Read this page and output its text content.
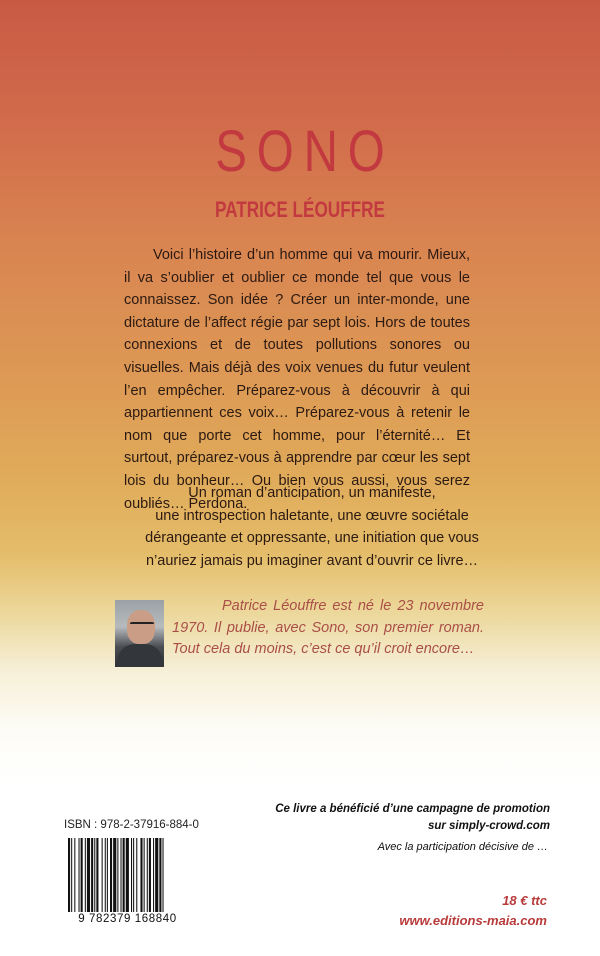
SONO
PATRICE LÉOUFFRE

Voici l’histoire d’un homme qui va mourir. Mieux, il va s’oublier et oublier ce monde tel que vous le connaissez. Son idée ? Créer un inter-monde, une dictature de l’affect régie par sept lois. Hors de toutes connexions et de toutes pollutions sonores ou visuelles. Mais déjà des voix venues du futur veulent l’en empêcher. Préparez-vous à découvrir à qui appartiennent ces voix… Préparez-vous à retenir le nom que porte cet homme, pour l’éternité… Et surtout, préparez-vous à apprendre par cœur les sept lois du bonheur… Ou bien vous aussi, vous serez oubliés… Perdona.

Un roman d’anticipation, un manifeste,
une introspection haletante, une œuvre sociétale
dérangeante et oppressante, une initiation que vous
n’auriez jamais pu imaginer avant d’ouvrir ce livre…

Patrice Léouffre est né le 23 novembre 1970. Il publie, avec Sono, son premier roman. Tout cela du moins, c’est ce qu’il croit encore…

ISBN : 978-2-37916-884-0
9 782379 168840
Ce livre a bénéficié d’une campagne de promotion
sur simply-crowd.com
Avec la participation décisive de …
18 € ttc
www.editions-maia.com
